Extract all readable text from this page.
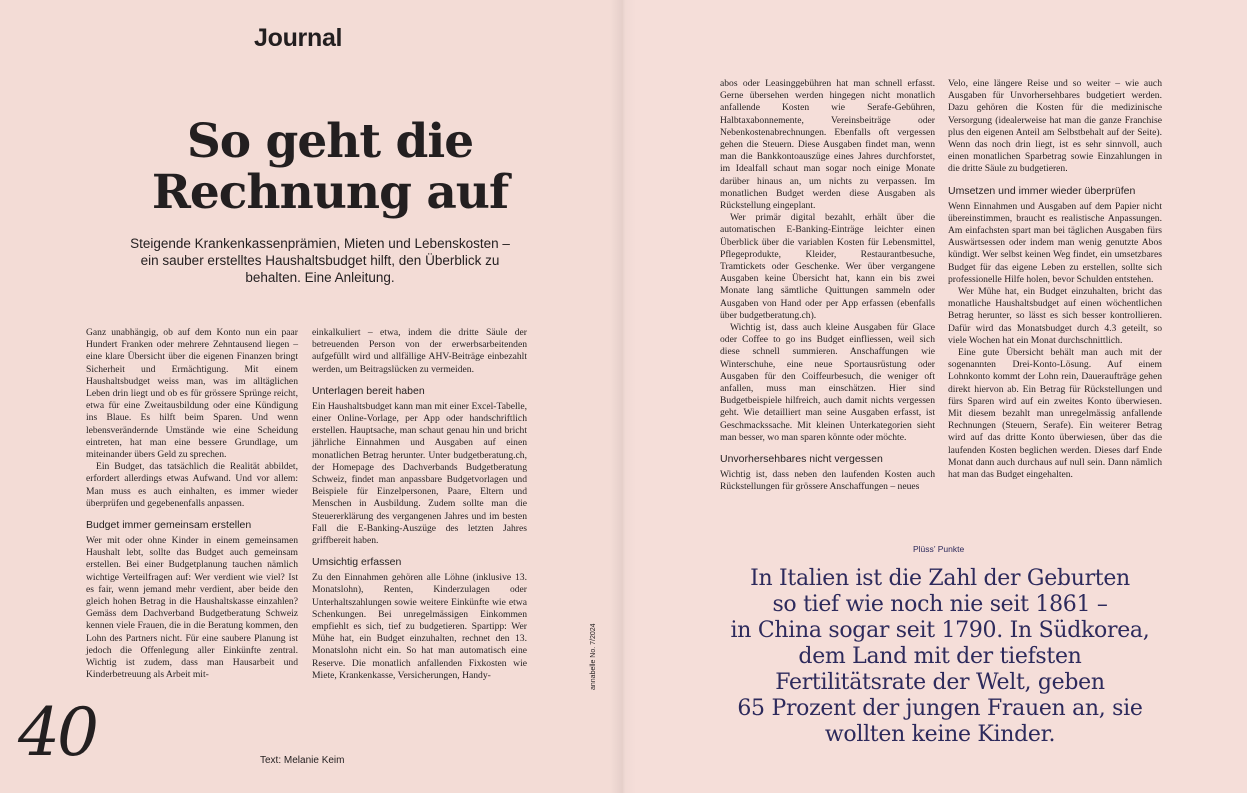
Journal
So geht die
Rechnung auf
Steigende Krankenkassenprämien, Mieten und Lebenskosten – ein sauber erstelltes Haushaltsbudget hilft, den Überblick zu behalten. Eine Anleitung.

Ganz unabhängig, ob auf dem Konto nun ein paar Hundert Franken oder mehrere Zehntausend liegen – eine klare Übersicht über die eigenen Finanzen bringt Sicherheit und Ermächtigung. Mit einem Haushaltsbudget weiss man, was im alltäglichen Leben drin liegt und ob es für grössere Sprünge reicht, etwa für eine Zweitausbildung oder eine Kündigung ins Blaue. Es hilft beim Sparen. Und wenn lebensverändernde Umstände wie eine Scheidung eintreten, hat man eine bessere Grundlage, um miteinander übers Geld zu sprechen.

Ein Budget, das tatsächlich die Realität abbildet, erfordert allerdings etwas Aufwand. Und vor allem: Man muss es auch einhalten, es immer wieder überprüfen und gegebenenfalls anpassen.

Budget immer gemeinsam erstellen

Wer mit oder ohne Kinder in einem gemeinsamen Haushalt lebt, sollte das Budget auch gemeinsam erstellen. Bei einer Budgetplanung tauchen nämlich wichtige Verteilfragen auf: Wer verdient wie viel? Ist es fair, wenn jemand mehr verdient, aber beide den gleich hohen Betrag in die Haushaltskasse einzahlen? Gemäss dem Dachverband Budgetberatung Schweiz kennen viele Frauen, die in die Beratung kommen, den Lohn des Partners nicht. Für eine saubere Planung ist jedoch die Offenlegung aller Einkünfte zentral. Wichtig ist zudem, dass man Hausarbeit und Kinderbetreuung als Arbeit mit-

einkalkuliert – etwa, indem die dritte Säule der betreuenden Person von der erwerbsarbeitenden aufgefüllt wird und allfällige AHV-Beiträge einbezahlt werden, um Beitragslücken zu vermeiden.

Unterlagen bereit haben

Ein Haushaltsbudget kann man mit einer Excel-Tabelle, einer Online-Vorlage, per App oder handschriftlich erstellen. Hauptsache, man schaut genau hin und bricht jährliche Einnahmen und Ausgaben auf einen monatlichen Betrag herunter. Unter budgetberatung.ch, der Homepage des Dachverbands Budgetberatung Schweiz, findet man anpassbare Budgetvorlagen und Beispiele für Einzelpersonen, Paare, Eltern und Menschen in Ausbildung. Zudem sollte man die Steuererklärung des vergangenen Jahres und im besten Fall die E-Banking-Auszüge des letzten Jahres griffbereit haben.

Umsichtig erfassen

Zu den Einnahmen gehören alle Löhne (inklusive 13. Monatslohn), Renten, Kinderzulagen oder Unterhaltszahlungen sowie weitere Einkünfte wie etwa Schenkungen. Bei unregelmässigen Einkommen empfiehlt es sich, tief zu budgetieren. Spartipp: Wer Mühe hat, ein Budget einzuhalten, rechnet den 13. Monatslohn nicht ein. So hat man automatisch eine Reserve. Die monatlich anfallenden Fixkosten wie Miete, Krankenkasse, Versicherungen, Handy-

abos oder Leasinggebühren hat man schnell erfasst. Gerne übersehen werden hingegen nicht monatlich anfallende Kosten wie Serafe-Gebühren, Halbtaxabonnemente, Vereinsbeiträge oder Nebenkostenabrechnungen. Ebenfalls oft vergessen gehen die Steuern. Diese Ausgaben findet man, wenn man die Bankkontoauszüge eines Jahres durchforstet, im Idealfall schaut man sogar noch einige Monate darüber hinaus an, um nichts zu verpassen. Im monatlichen Budget werden diese Ausgaben als Rückstellung eingeplant.

Wer primär digital bezahlt, erhält über die automatischen E-Banking-Einträge leichter einen Überblick über die variablen Kosten für Lebensmittel, Pflegeprodukte, Kleider, Restaurantbesuche, Tramtickets oder Geschenke. Wer über vergangene Ausgaben keine Übersicht hat, kann ein bis zwei Monate lang sämtliche Quittungen sammeln oder Ausgaben von Hand oder per App erfassen (ebenfalls über budgetberatung.ch).

Wichtig ist, dass auch kleine Ausgaben für Glace oder Coffee to go ins Budget einfliessen, weil sich diese schnell summieren. Anschaffungen wie Winterschuhe, eine neue Sportausrüstung oder Ausgaben für den Coiffeurbesuch, die weniger oft anfallen, muss man einschätzen. Hier sind Budgetbeispiele hilfreich, auch damit nichts vergessen geht. Wie detailliert man seine Ausgaben erfasst, ist Geschmackssache. Mit kleinen Unterkategorien sieht man besser, wo man sparen könnte oder möchte.

Unvorhersehbares nicht vergessen

Wichtig ist, dass neben den laufenden Kosten auch Rückstellungen für grössere Anschaffungen – neues

Velo, eine längere Reise und so weiter – wie auch Ausgaben für Unvorhersehbares budgetiert werden. Dazu gehören die Kosten für die medizinische Versorgung (idealerweise hat man die ganze Franchise plus den eigenen Anteil am Selbstbehalt auf der Seite). Wenn das noch drin liegt, ist es sehr sinnvoll, auch einen monatlichen Sparbetrag sowie Einzahlungen in die dritte Säule zu budgetieren.

Umsetzen und immer wieder überprüfen

Wenn Einnahmen und Ausgaben auf dem Papier nicht übereinstimmen, braucht es realistische Anpassungen. Am einfachsten spart man bei täglichen Ausgaben fürs Auswärtsessen oder indem man wenig genutzte Abos kündigt. Wer selbst keinen Weg findet, ein umsetzbares Budget für das eigene Leben zu erstellen, sollte sich professionelle Hilfe holen, bevor Schulden entstehen.

Wer Mühe hat, ein Budget einzuhalten, bricht das monatliche Haushaltsbudget auf einen wöchentlichen Betrag herunter, so lässt es sich besser kontrollieren. Dafür wird das Monatsbudget durch 4.3 geteilt, so viele Wochen hat ein Monat durchschnittlich.

Eine gute Übersicht behält man auch mit der sogenannten Drei-Konto-Lösung. Auf einem Lohnkonto kommt der Lohn rein, Daueraufträge gehen direkt hiervon ab. Ein Betrag für Rückstellungen und fürs Sparen wird auf ein zweites Konto überwiesen. Mit diesem bezahlt man unregelmässig anfallende Rechnungen (Steuern, Serafe). Ein weiterer Betrag wird auf das dritte Konto überwiesen, über das die laufenden Kosten beglichen werden. Dieses darf Ende Monat dann auch durchaus auf null sein. Dann nämlich hat man das Budget eingehalten.

40	Text: Melanie Keim
annabelle No. 7/2024
Plüss’ Punkte
In Italien ist die Zahl der Geburten
so tief wie noch nie seit 1861 –
in China sogar seit 1790. In Südkorea,
dem Land mit der tiefsten
Fertilitätsrate der Welt, geben
65 Prozent der jungen Frauen an, sie
wollten keine Kinder.
